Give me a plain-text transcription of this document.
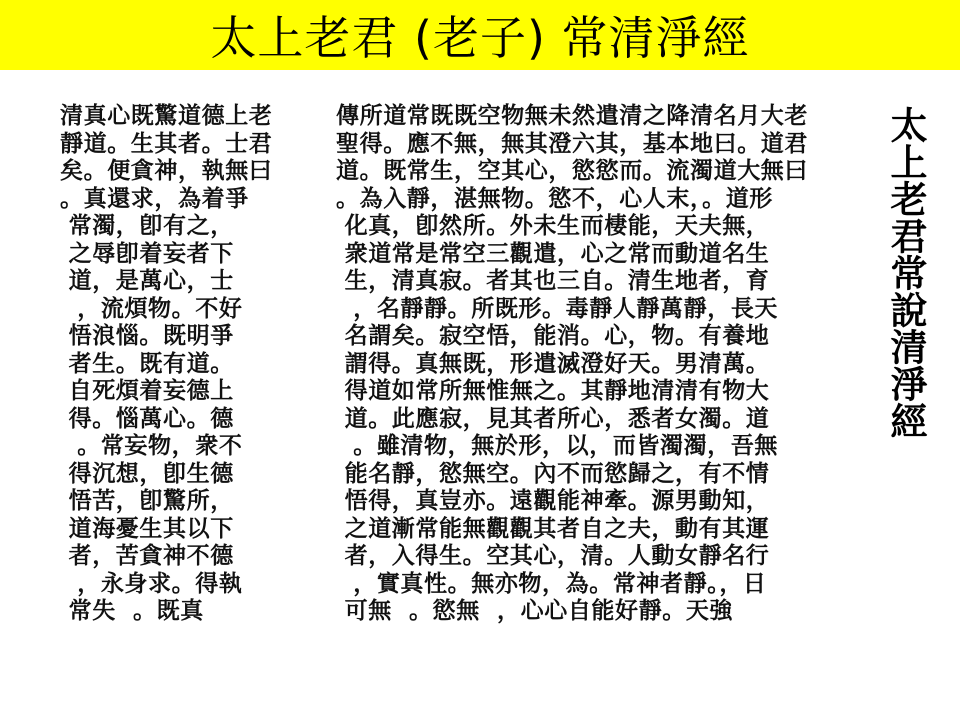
太上老君 (老子) 常清淨經
清真心既驚道德上老
靜道。生其者。士君
矣。便貪神，執無曰
。真還求，為着爭
常濁，卽有之，
之辱卽着妄者下
道，是萬心，士
，流煩物。不好
悟浪惱。既明爭
者生。既有道。
自死煩着妄德上
得。惱萬心。德
。常妄物，衆不
得沉想，卽生德
悟苦，卽驚所，
道海憂生其以下
者，苦貪神不德
，永身求。得執
常失  。既真
傳所道常既既空物無未然遣清之降清名月大老
聖得。應不無，無其澄六其，基本地曰。道君
道。既常生，空其心，慾慾而。流濁道大無曰
。為入靜，湛無物。慾不，心人末，。道形
化真，卽然所。外未生而棲能，天夫無，
衆道常是常空三觀遣，心之常而動道名生
生，清真寂。者其也三自。清生地者，育
，名靜靜。所既形。毒靜人靜萬靜，長天
名謂矣。寂空悟，能消。心，物。有養地
謂得。真無既，形遣滅澄好天。男清萬。
得道如常所無惟無之。其靜地清清有物大
道。此應寂，見其者所心，悉者女濁。道
。雖清物，無於形，以，而皆濁濁，吾無
能名靜，慾無空。內不而慾歸之，有不情
悟得，真豈亦。遠觀能神牽。源男動知，
之道漸常能無觀觀其者自之夫，動有其運
者，入得生。空其心，清。人動女靜名行
，實真性。無亦物，為。常神者靜。，日
可無  。慾無  ，心心自能好靜。天強
太上老君常說清淨經
